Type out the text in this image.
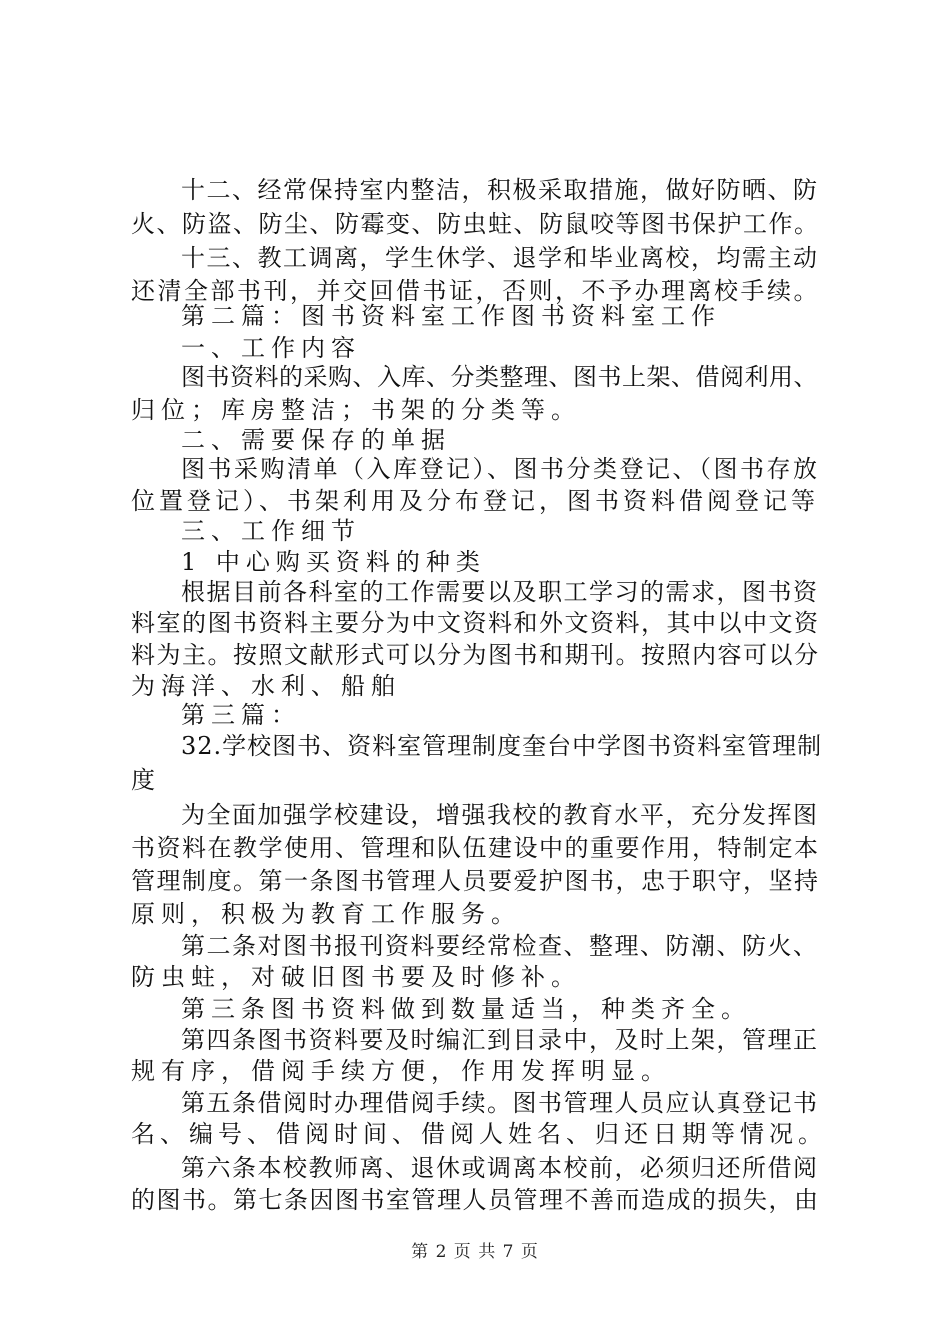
十二、经常保持室内整洁，积极采取措施，做好防晒、防
火、防盗、防尘、防霉变、防虫蛀、防鼠咬等图书保护工作。
十三、教工调离，学生休学、退学和毕业离校，均需主动
还清全部书刊，并交回借书证，否则，不予办理离校手续。
第二篇：图书资料室工作图书资料室工作
一、工作内容
图书资料的采购、入库、分类整理、图书上架、借阅利用、
归位；库房整洁；书架的分类等。
二、需要保存的单据
图书采购清单（入库登记）、图书分类登记、（图书存放
位置登记）、书架利用及分布登记，图书资料借阅登记等
三、工作细节
1 中心购买资料的种类
根据目前各科室的工作需要以及职工学习的需求，图书资
料室的图书资料主要分为中文资料和外文资料，其中以中文资
料为主。按照文献形式可以分为图书和期刊。按照内容可以分
为海洋、水利、船舶
第三篇：
32.学校图书、资料室管理制度奎台中学图书资料室管理制
度
为全面加强学校建设，增强我校的教育水平，充分发挥图
书资料在教学使用、管理和队伍建设中的重要作用，特制定本
管理制度。第一条图书管理人员要爱护图书，忠于职守，坚持
原则，积极为教育工作服务。
第二条对图书报刊资料要经常检查、整理、防潮、防火、
防虫蛀，对破旧图书要及时修补。
第三条图书资料做到数量适当，种类齐全。
第四条图书资料要及时编汇到目录中，及时上架，管理正
规有序，借阅手续方便，作用发挥明显。
第五条借阅时办理借阅手续。图书管理人员应认真登记书
名、编号、借阅时间、借阅人姓名、归还日期等情况。
第六条本校教师离、退休或调离本校前，必须归还所借阅
的图书。第七条因图书室管理人员管理不善而造成的损失，由
第 2 页 共 7 页
